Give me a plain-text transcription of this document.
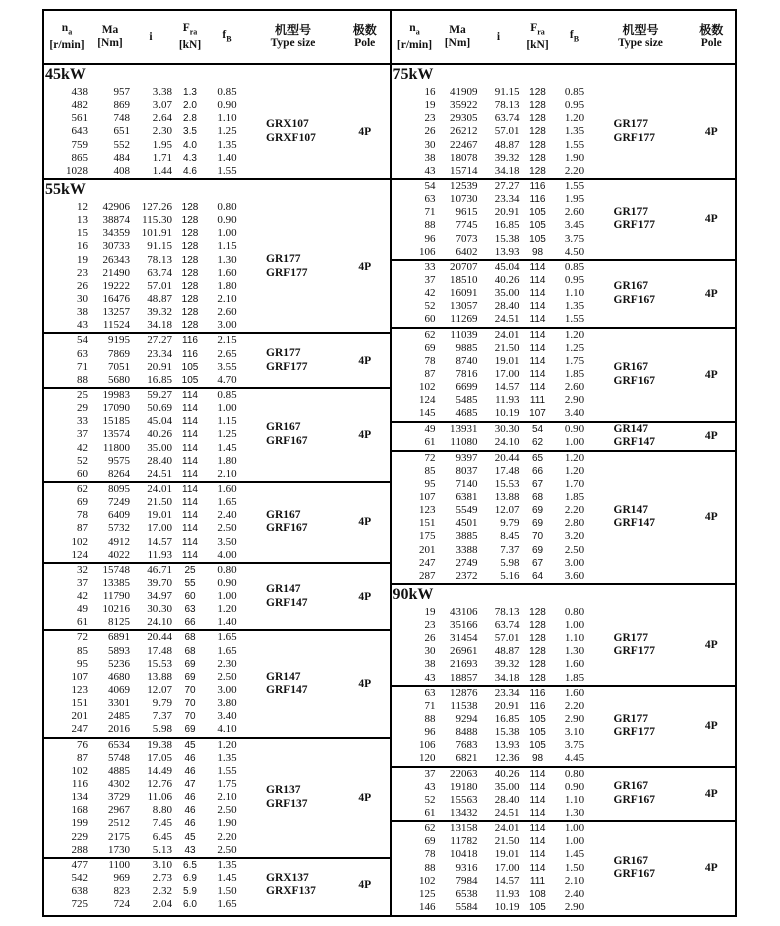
$n_a$
[r/min]
Ma
[Nm]
i
$F_{ra}$
[kN]
$f_B$
机型号
Type size
极数
Pole
$n_a$
[r/min]
Ma
[Nm]
i
$F_{ra}$
[kN]
$f_B$
机型号
Type size
极数
Pole
45kW
438	957	3.38	1.3	0.85
482	869	3.07	2.0	0.90
561	748	2.64	2.8	1.10
643	651	2.30	3.5	1.25
759	552	1.95	4.0	1.35
865	484	1.71	4.3	1.40
1028	408	1.44	4.6	1.55
GRX107
GRXF107	4P
55kW
12	42906	127.26 128	0.80
13	38874	115.30 128	0.90
15	34359	101.91 128	1.00
16	30733	91.15 128	1.15
19	26343	78.13 128	1.30
23	21490	63.74 128	1.60
26	19222	57.01 128	1.80
30	16476	48.87 128	2.10
38	13257	39.32 128	2.60
43	11524	34.18 128	3.00
GR177
GRF177	4P
54	9195	27.27	116	2.15
63	7869	23.34	116	2.65
71	7051	20.91 105	3.55
88	5680	16.85 105	4.70
GR177
GRF177	4P
25	19983	59.27	114	0.85
29	17090	50.69	114	1.00
33	15185	45.04	114	1.15
37	13574	40.26	114	1.25
42	11800	35.00	114	1.45
52	9575	28.40	114	1.80
60	8264	24.51	114	2.10
GR167
GRF167	4P
62	8095	24.01	114	1.60
69	7249	21.50	114	1.65
78	6409	19.01	114	2.40
87	5732	17.00	114	2.50
102	4912	14.57	114	3.50
124	4022	11.93	114	4.00
GR167
GRF167	4P
32	15748	46.71	25	0.80
37	13385	39.70	55	0.90
42	11790	34.97	60	1.00
49	10216	30.30	63	1.20
61	8125	24.10	66	1.40
GR147
GRF147	4P
72	6891	20.44	68	1.65
85	5893	17.48	68	1.65
95	5236	15.53	69	2.30
107	4680	13.88	69	2.50
123	4069	12.07	70	3.00
151	3301	9.79	70	3.80
201	2485	7.37	70	3.40
247	2016	5.98	69	4.10
GR147
GRF147	4P
76	6534	19.38	45	1.20
87	5748	17.05	46	1.35
102	4885	14.49	46	1.55
116	4302	12.76	47	1.75
134	3729	11.06	46	2.10
168	2967	8.80	46	2.50
199	2512	7.45	46	1.90
229	2175	6.45	45	2.20
288	1730	5.13	43	2.50
GR137
GRF137	4P
477	1100	3.10	6.5	1.35
542	969	2.73	6.9	1.45
638	823	2.32	5.9	1.50
725	724	2.04	6.0	1.65
GRX137
GRXF137	4P
75kW
16	41909	91.15 128	0.85
19	35922	78.13 128	0.95
23	29305	63.74 128	1.20
26	26212	57.01 128	1.35
30	22467	48.87 128	1.55
38	18078	39.32 128	1.90
43	15714	34.18 128	2.20
GR177
GRF177	4P
54	12539	27.27	116	1.55
63	10730	23.34	116	1.95
71	9615	20.91 105	2.60
88	7745	16.85 105	3.45
96	7073	15.38 105	3.75
106	6402	13.93	98	4.50
GR177
GRF177	4P
33	20707	45.04	114	0.85
37	18510	40.26	114	0.95
42	16091	35.00	114	1.10
52	13057	28.40	114	1.35
60	11269	24.51	114	1.55
GR167
GRF167	4P
62	11039	24.01	114	1.20
69	9885	21.50	114	1.25
78	8740	19.01	114	1.75
87	7816	17.00	114	1.85
102	6699	14.57	114	2.60
124	5485	11.93	111	2.90
145	4685	10.19 107	3.40
GR167
GRF167	4P
49	13931	30.30	54	0.90
61	11080	24.10	62	1.00
GR147
GRF147	4P
72	9397	20.44	65	1.20
85	8037	17.48	66	1.20
95	7140	15.53	67	1.70
107	6381	13.88	68	1.85
123	5549	12.07	69	2.20
151	4501	9.79	69	2.80
175	3885	8.45	70	3.20
201	3388	7.37	69	2.50
247	2749	5.98	67	3.00
287	2372	5.16	64	3.60
GR147
GRF147	4P
90kW
19	43106	78.13 128	0.80
23	35166	63.74 128	1.00
26	31454	57.01 128	1.10
30	26961	48.87 128	1.30
38	21693	39.32 128	1.60
43	18857	34.18 128	1.85
GR177
GRF177	4P
63	12876	23.34	116	1.60
71	11538	20.91	116	2.20
88	9294	16.85 105	2.90
96	8488	15.38 105	3.10
106	7683	13.93 105	3.75
120	6821	12.36	98	4.45
GR177
GRF177	4P
37	22063	40.26	114	0.80
43	19180	35.00	114	0.90
52	15563	28.40	114	1.10
61	13432	24.51	114	1.30
GR167
GRF167	4P
62	13158	24.01	114	1.00
69	11782	21.50	114	1.00
78	10418	19.01	114	1.45
88	9316	17.00	114	1.50
102	7984	14.57	111	2.10
125	6538	11.93 108	2.40
146	5584	10.19 105	2.90
GR167
GRF167	4P
